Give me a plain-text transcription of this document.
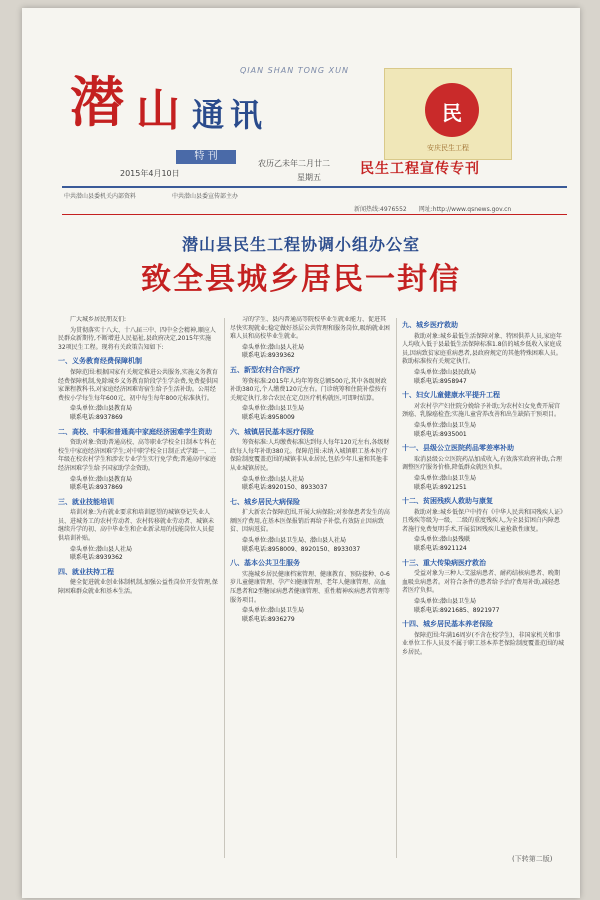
潜 山
QIAN SHAN TONG XUN
通讯
特 刊
2015年4月10日
农历乙未年二月廿二
星期五
民
安庆民生工程
民生工程宣传专刊
中共潜山县委机关内部资料	中共潜山县委宣传部主办
新闻热线:4976552　　 网址:http://www.qsnews.gov.cn
潜山县民生工程协调小组办公室
致全县城乡居民一封信

广大城乡居民朋友们:

为贯彻落实十八大、十八届三中、四中全会精神,顺应人民群众新期待,不断增进人民福祉,县政府决定,2015年实施32项民生工程。现将有关政策告知如下:

一、义务教育经费保障机制

保障范围:根据国家有关规定推进公共服务,实施义务教育经费保障机制,免除城乡义务教育阶段学生学杂费,免费提供国家课程教科书,对家庭经济困难寄宿生给予生活补助。公用经费按小学每生每年600元、初中每生每年800元标准执行。

牵头单位:潜山县教育局

联系电话:8937869

二、高校、中职和普通高中家庭经济困难学生资助

资助对象:资助普通高校、高等职业学校全日制本专科在校生中家庭经济困难学生;对中职学校全日制正式学籍一、二年级在校农村学生和涉农专业学生实行免学费;普通高中家庭经济困难学生给予国家助学金资助。

牵头单位:潜山县教育局

联系电话:8937869

三、就业技能培训

培训对象:为有就业要求和培训愿望的城镇登记失业人员、进城务工的农村劳动者、农村转移就业劳动者、城镇未继续升学的初、高中毕业生和企业新录用的技能岗位人员提供培训补贴。

牵头单位:潜山县人社局

联系电话:8939362

四、就业扶持工程

健全促进就业创业体制机制,加强公益性岗位开发管理,保障困难群众就业和基本生活。

习的学生、县内普通高等院校毕业生就业能力、促进其尽快实现就业;稳定做好基层公共管理和服务岗位,吸纳就业困难人员和高校毕业生就业。

牵头单位:潜山县人社局

联系电话:8939362

五、新型农村合作医疗

筹资标准:2015年人均年筹资总额500元,其中各级财政补助380元,个人缴费120元左右。门诊统筹和住院补偿按有关规定执行,参合农民在定点医疗机构就医,可即时结算。

牵头单位:潜山县卫生局

联系电话:8958009

六、城镇居民基本医疗保险

筹资标准:人均缴费标准达到每人每年120元左右,各级财政每人每年补助380元。保障范围:未纳入城镇职工基本医疗保险制度覆盖范围的城镇非从业居民,包括少年儿童和其他非从业城镇居民。

牵头单位:潜山县人社局

联系电话:8920150、8933037

七、城乡居民大病保险

扩大新农合保障范围,开展大病保险;对参保患者发生的高额医疗费用,在基本医保报销后再给予补偿,有效防止因病致贫、因病返贫。

牵头单位:潜山县卫生局、潜山县人社局

联系电话:8958009、8920150、8933037

八、基本公共卫生服务

实施城乡居民健康档案管理、健康教育、预防接种、0-6岁儿童健康管理、孕产妇健康管理、老年人健康管理、高血压患者和2型糖尿病患者健康管理、重性精神疾病患者管理等服务项目。

牵头单位:潜山县卫生局

联系电话:8936279

九、城乡医疗救助

救助对象:城乡最低生活保障对象、特困供养人员,家庭年人均收入低于县最低生活保障标准1.8倍的城乡低收入家庭成员,因病致贫家庭重病患者,县政府规定的其他特殊困难人员。救助标准按有关规定执行。

牵头单位:潜山县民政局

联系电话:8958947

十、妇女儿童健康水平提升工程

对农村孕产妇住院分娩给予补助;为农村妇女免费开展宫颈癌、乳腺癌检查;实施儿童营养改善和出生缺陷干预项目。

牵头单位:潜山县卫生局

联系电话:8935001

十一、县级公立医院药品零差率补助

取消县级公立医院药品加成收入,有效落实政府补助,合理调整医疗服务价格,降低群众就医负担。

牵头单位:潜山县卫生局

联系电话:8921251

十二、贫困残疾人救助与康复

救助对象:城乡低保户中持有《中华人民共和国残疾人证》且残疾等级为一级、二级的重度残疾人,为全县贫困白内障患者施行免费复明手术,开展贫困残疾儿童抢救性康复。

牵头单位:潜山县残联

联系电话:8921124

十三、重大传染病医疗救治

受益对象为三种人:艾滋病患者、耐药结核病患者、晚期血吸虫病患者。对符合条件的患者给予治疗费用补助,减轻患者医疗负担。

牵头单位:潜山县卫生局

联系电话:8921685、8921977

十四、城乡居民基本养老保险

保障范围:年满16周岁(不含在校学生)、非国家机关和事业单位工作人员及不属于职工基本养老保险制度覆盖范围的城乡居民。

(下转第二版)
